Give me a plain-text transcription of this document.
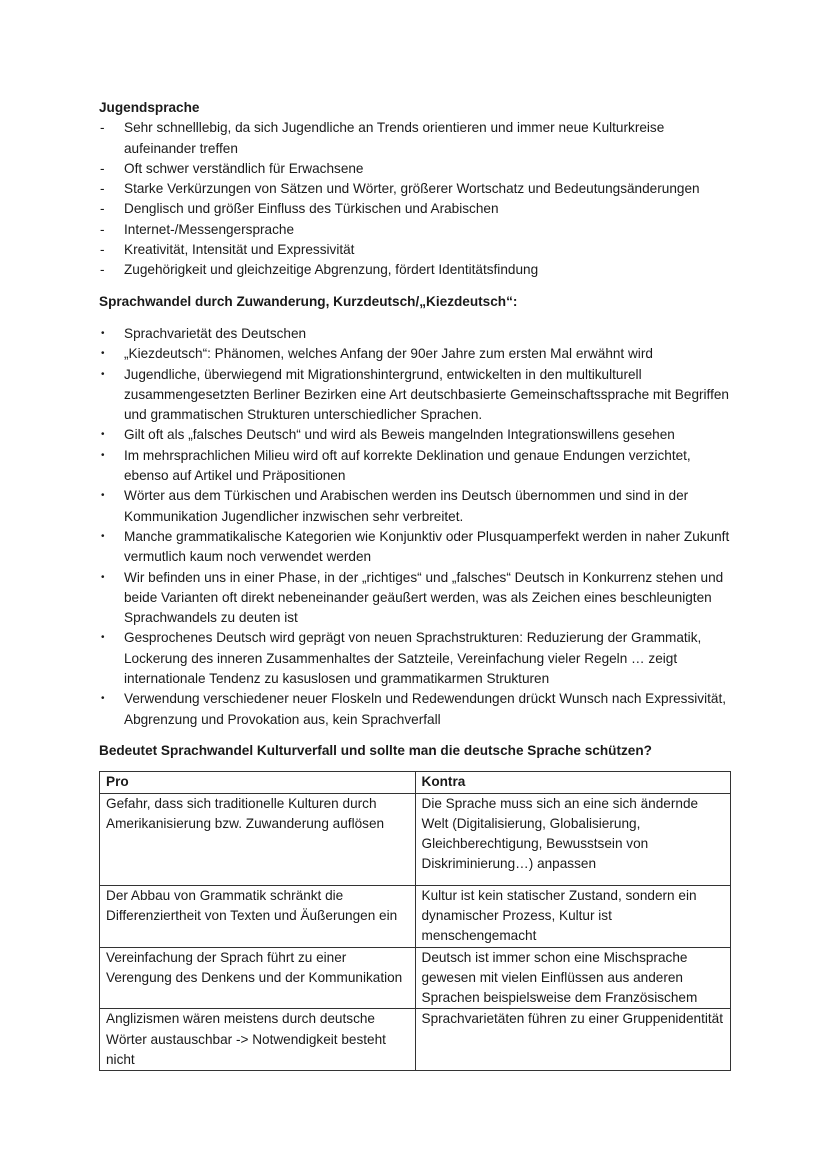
Jugendsprache

-	Sehr schnelllebig, da sich Jugendliche an Trends orientieren und immer neue Kulturkreise aufeinander treffen
-	Oft schwer verständlich für Erwachsene
-	Starke Verkürzungen von Sätzen und Wörter, größerer Wortschatz und Bedeutungsänderungen
-	Denglisch und größer Einfluss des Türkischen und Arabischen
-	Internet-/Messengersprache
-	Kreativität, Intensität und Expressivität
-	Zugehörigkeit und gleichzeitige Abgrenzung, fördert Identitätsfindung

Sprachwandel durch Zuwanderung, Kurzdeutsch/„Kiezdeutsch“:

•	Sprachvarietät des Deutschen
•	„Kiezdeutsch“: Phänomen, welches Anfang der 90er Jahre zum ersten Mal erwähnt wird
•	Jugendliche, überwiegend mit Migrationshintergrund, entwickelten in den multikulturell zusammengesetzten Berliner Bezirken eine Art deutschbasierte Gemeinschaftssprache mit Begriffen und grammatischen Strukturen unterschiedlicher Sprachen.
•	Gilt oft als „falsches Deutsch“ und wird als Beweis mangelnden Integrationswillens gesehen
•	Im mehrsprachlichen Milieu wird oft auf korrekte Deklination und genaue Endungen verzichtet, ebenso auf Artikel und Präpositionen
•	Wörter aus dem Türkischen und Arabischen werden ins Deutsch übernommen und sind in der Kommunikation Jugendlicher inzwischen sehr verbreitet.
•	Manche grammatikalische Kategorien wie Konjunktiv oder Plusquamperfekt werden in naher Zukunft vermutlich kaum noch verwendet werden
•	Wir befinden uns in einer Phase, in der „richtiges“ und „falsches“ Deutsch in Konkurrenz stehen und beide Varianten oft direkt nebeneinander geäußert werden, was als Zeichen eines beschleunigten Sprachwandels zu deuten ist
•	Gesprochenes Deutsch wird geprägt von neuen Sprachstrukturen: Reduzierung der Grammatik, Lockerung des inneren Zusammenhaltes der Satzteile, Vereinfachung vieler Regeln … zeigt internationale Tendenz zu kasuslosen und grammatikarmen Strukturen
•	Verwendung verschiedener neuer Floskeln und Redewendungen drückt Wunsch nach Expressivität, Abgrenzung und Provokation aus, kein Sprachverfall

Bedeutet Sprachwandel Kulturverfall und sollte man die deutsche Sprache schützen?

Pro	Kontra
Gefahr, dass sich traditionelle Kulturen durch Amerikanisierung bzw. Zuwanderung auflösen	Die Sprache muss sich an eine sich ändernde Welt (Digitalisierung, Globalisierung, Gleichberechtigung, Bewusstsein von Diskriminierung…) anpassen
Der Abbau von Grammatik schränkt die Differenziertheit von Texten und Äußerungen ein	Kultur ist kein statischer Zustand, sondern ein dynamischer Prozess, Kultur ist menschengemacht
Vereinfachung der Sprach führt zu einer Verengung des Denkens und der Kommunikation	Deutsch ist immer schon eine Mischsprache gewesen mit vielen Einflüssen aus anderen Sprachen beispielsweise dem Französischem
Anglizismen wären meistens durch deutsche Wörter austauschbar -> Notwendigkeit besteht nicht	Sprachvarietäten führen zu einer Gruppenidentität
